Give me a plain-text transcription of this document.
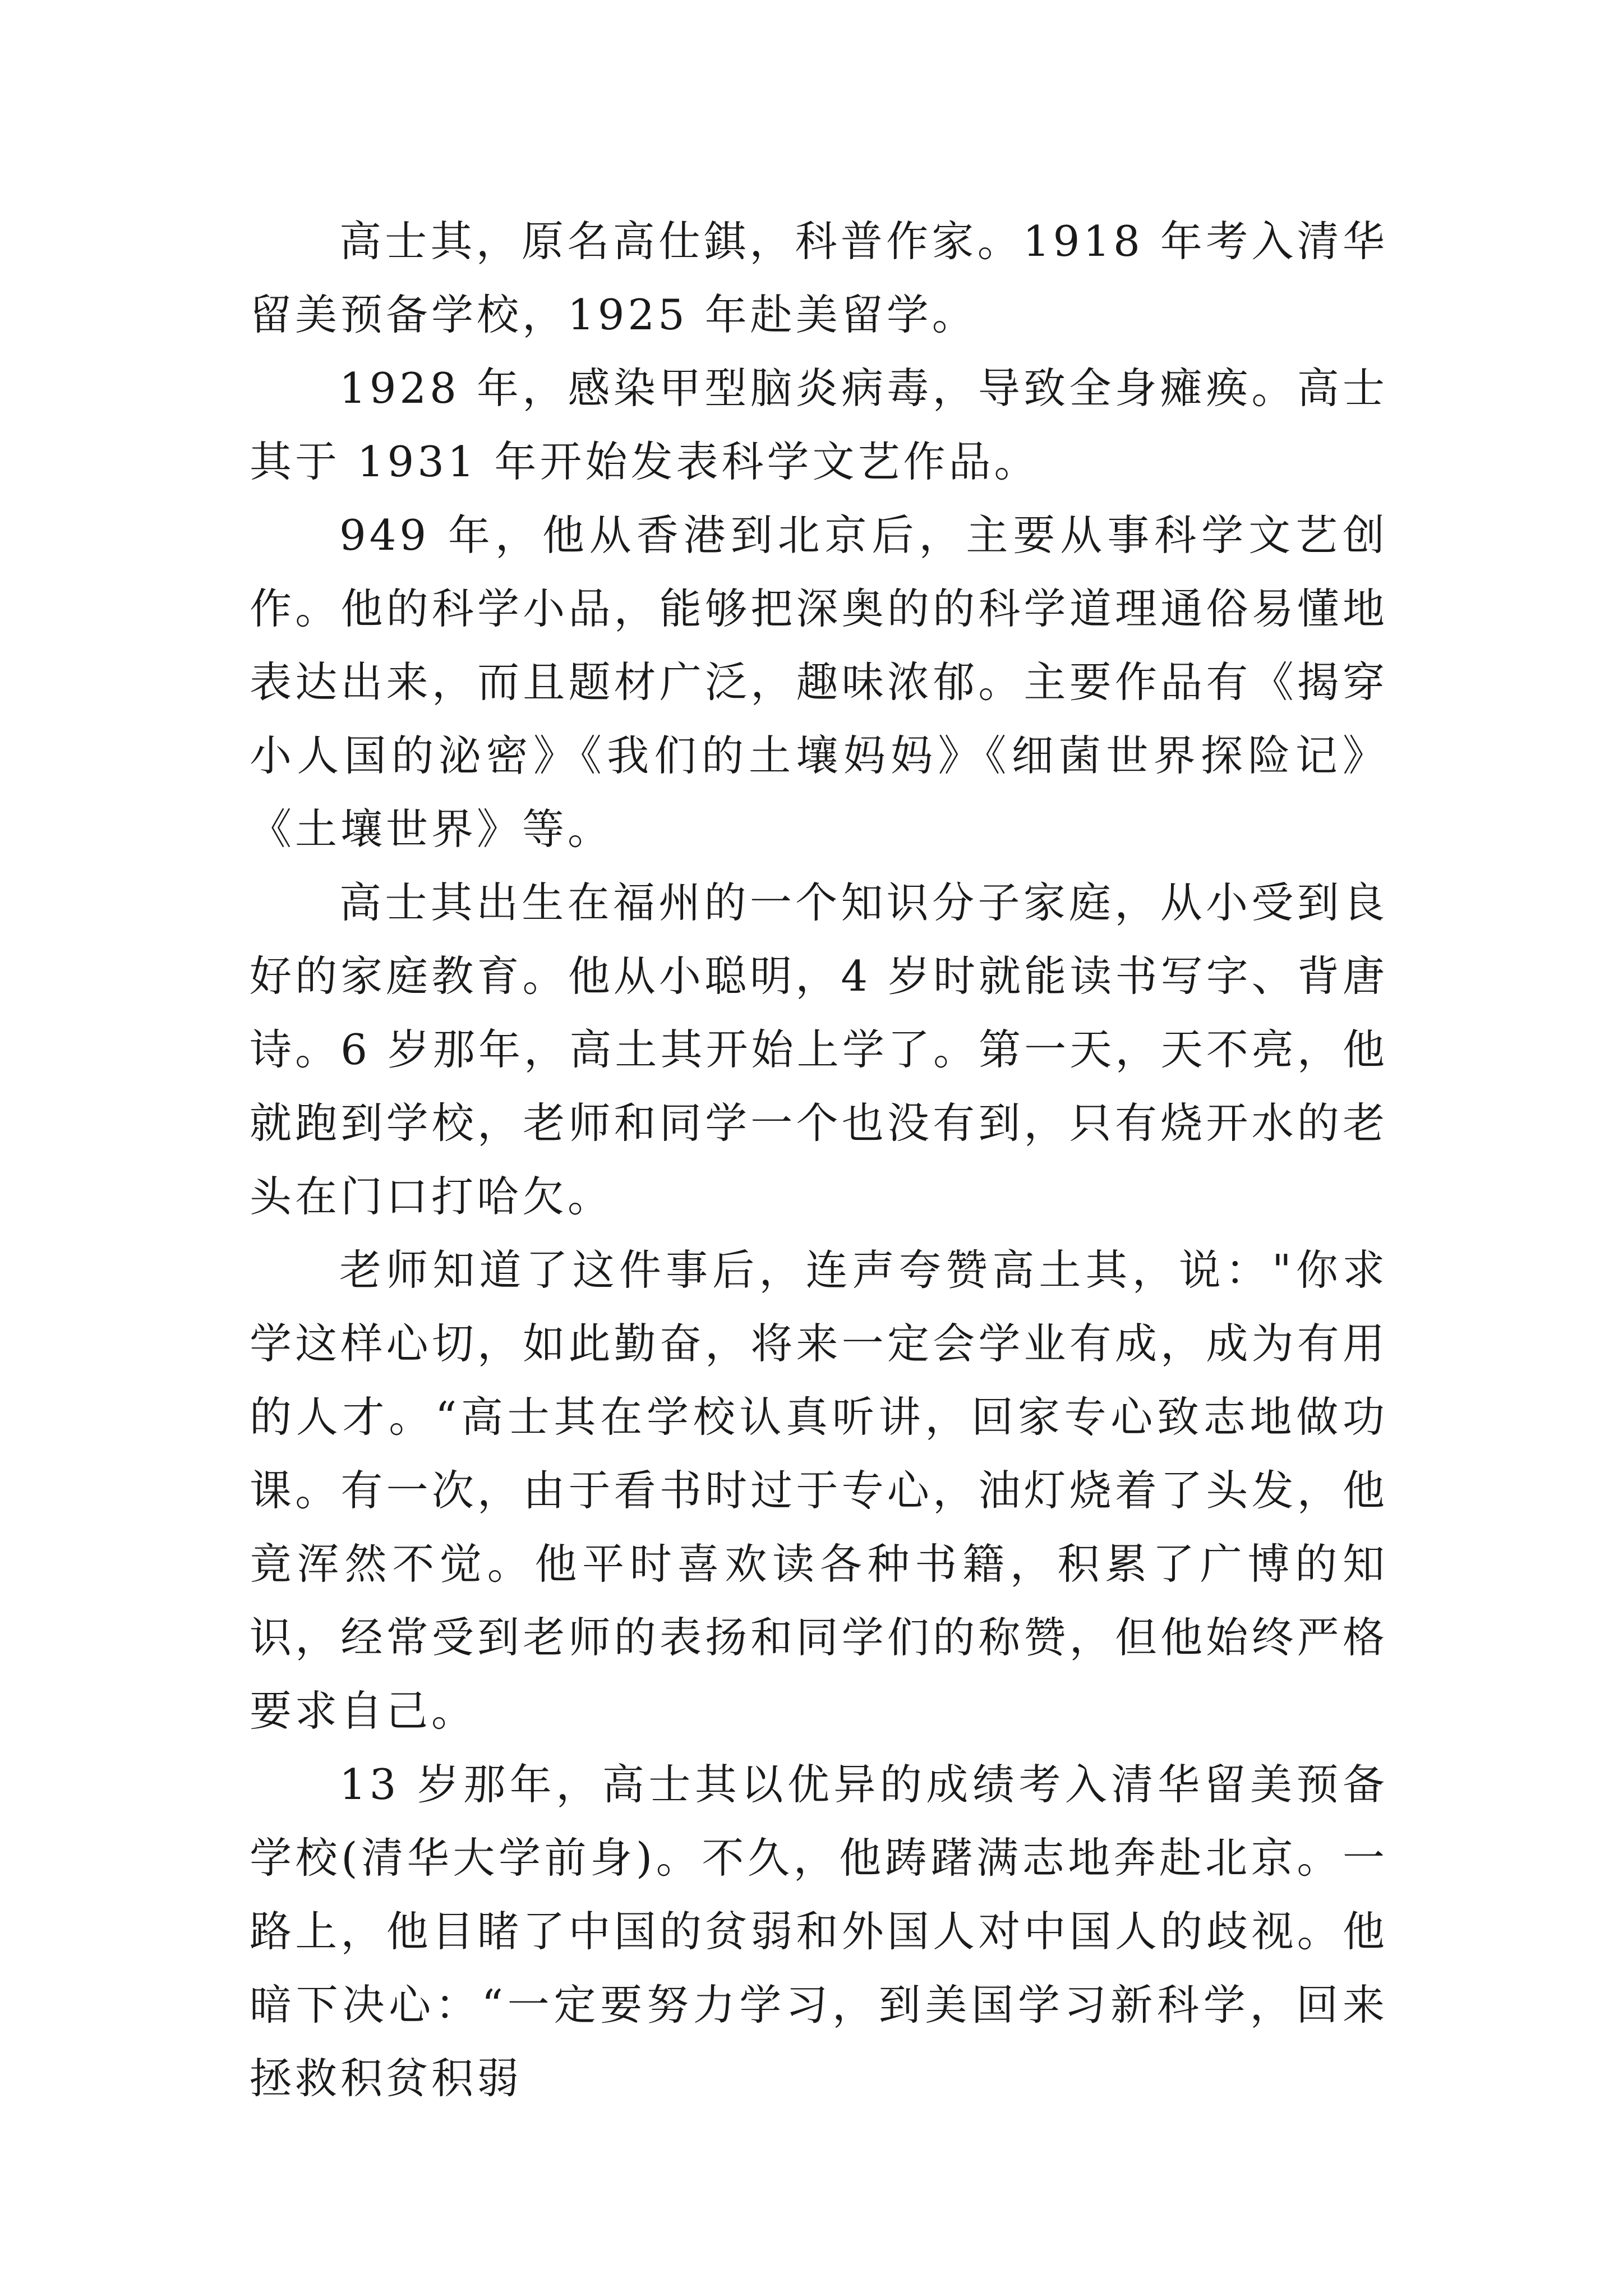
高士其，原名高仕錤，科普作家。1918 年考入清华留美预备学校，1925 年赴美留学。

1928 年，感染甲型脑炎病毒，导致全身瘫痪。高士其于 1931 年开始发表科学文艺作品。

949 年，他从香港到北京后，主要从事科学文艺创作。他的科学小品，能够把深奥的的科学道理通俗易懂地表达出来，而且题材广泛，趣味浓郁。主要作品有《揭穿小人国的泌密》《我们的土壤妈妈》《细菌世界探险记》《土壤世界》等。

高士其出生在福州的一个知识分子家庭，从小受到良好的家庭教育。他从小聪明，4 岁时就能读书写字、背唐诗。6 岁那年，高土其开始上学了。第一天，天不亮，他就跑到学校，老师和同学一个也没有到，只有烧开水的老头在门口打哈欠。

老师知道了这件事后，连声夸赞高土其，说："你求学这样心切，如此勤奋，将来一定会学业有成，成为有用的人才。“高士其在学校认真听讲，回家专心致志地做功课。有一次，由于看书时过于专心，油灯烧着了头发，他竟浑然不觉。他平时喜欢读各种书籍，积累了广博的知识，经常受到老师的表扬和同学们的称赞，但他始终严格要求自己。

13 岁那年，高士其以优异的成绩考入清华留美预备学校(清华大学前身)。不久，他踌躇满志地奔赴北京。一路上，他目睹了中国的贫弱和外国人对中国人的歧视。他暗下决心：“一定要努力学习，到美国学习新科学，回来拯救积贫积弱
